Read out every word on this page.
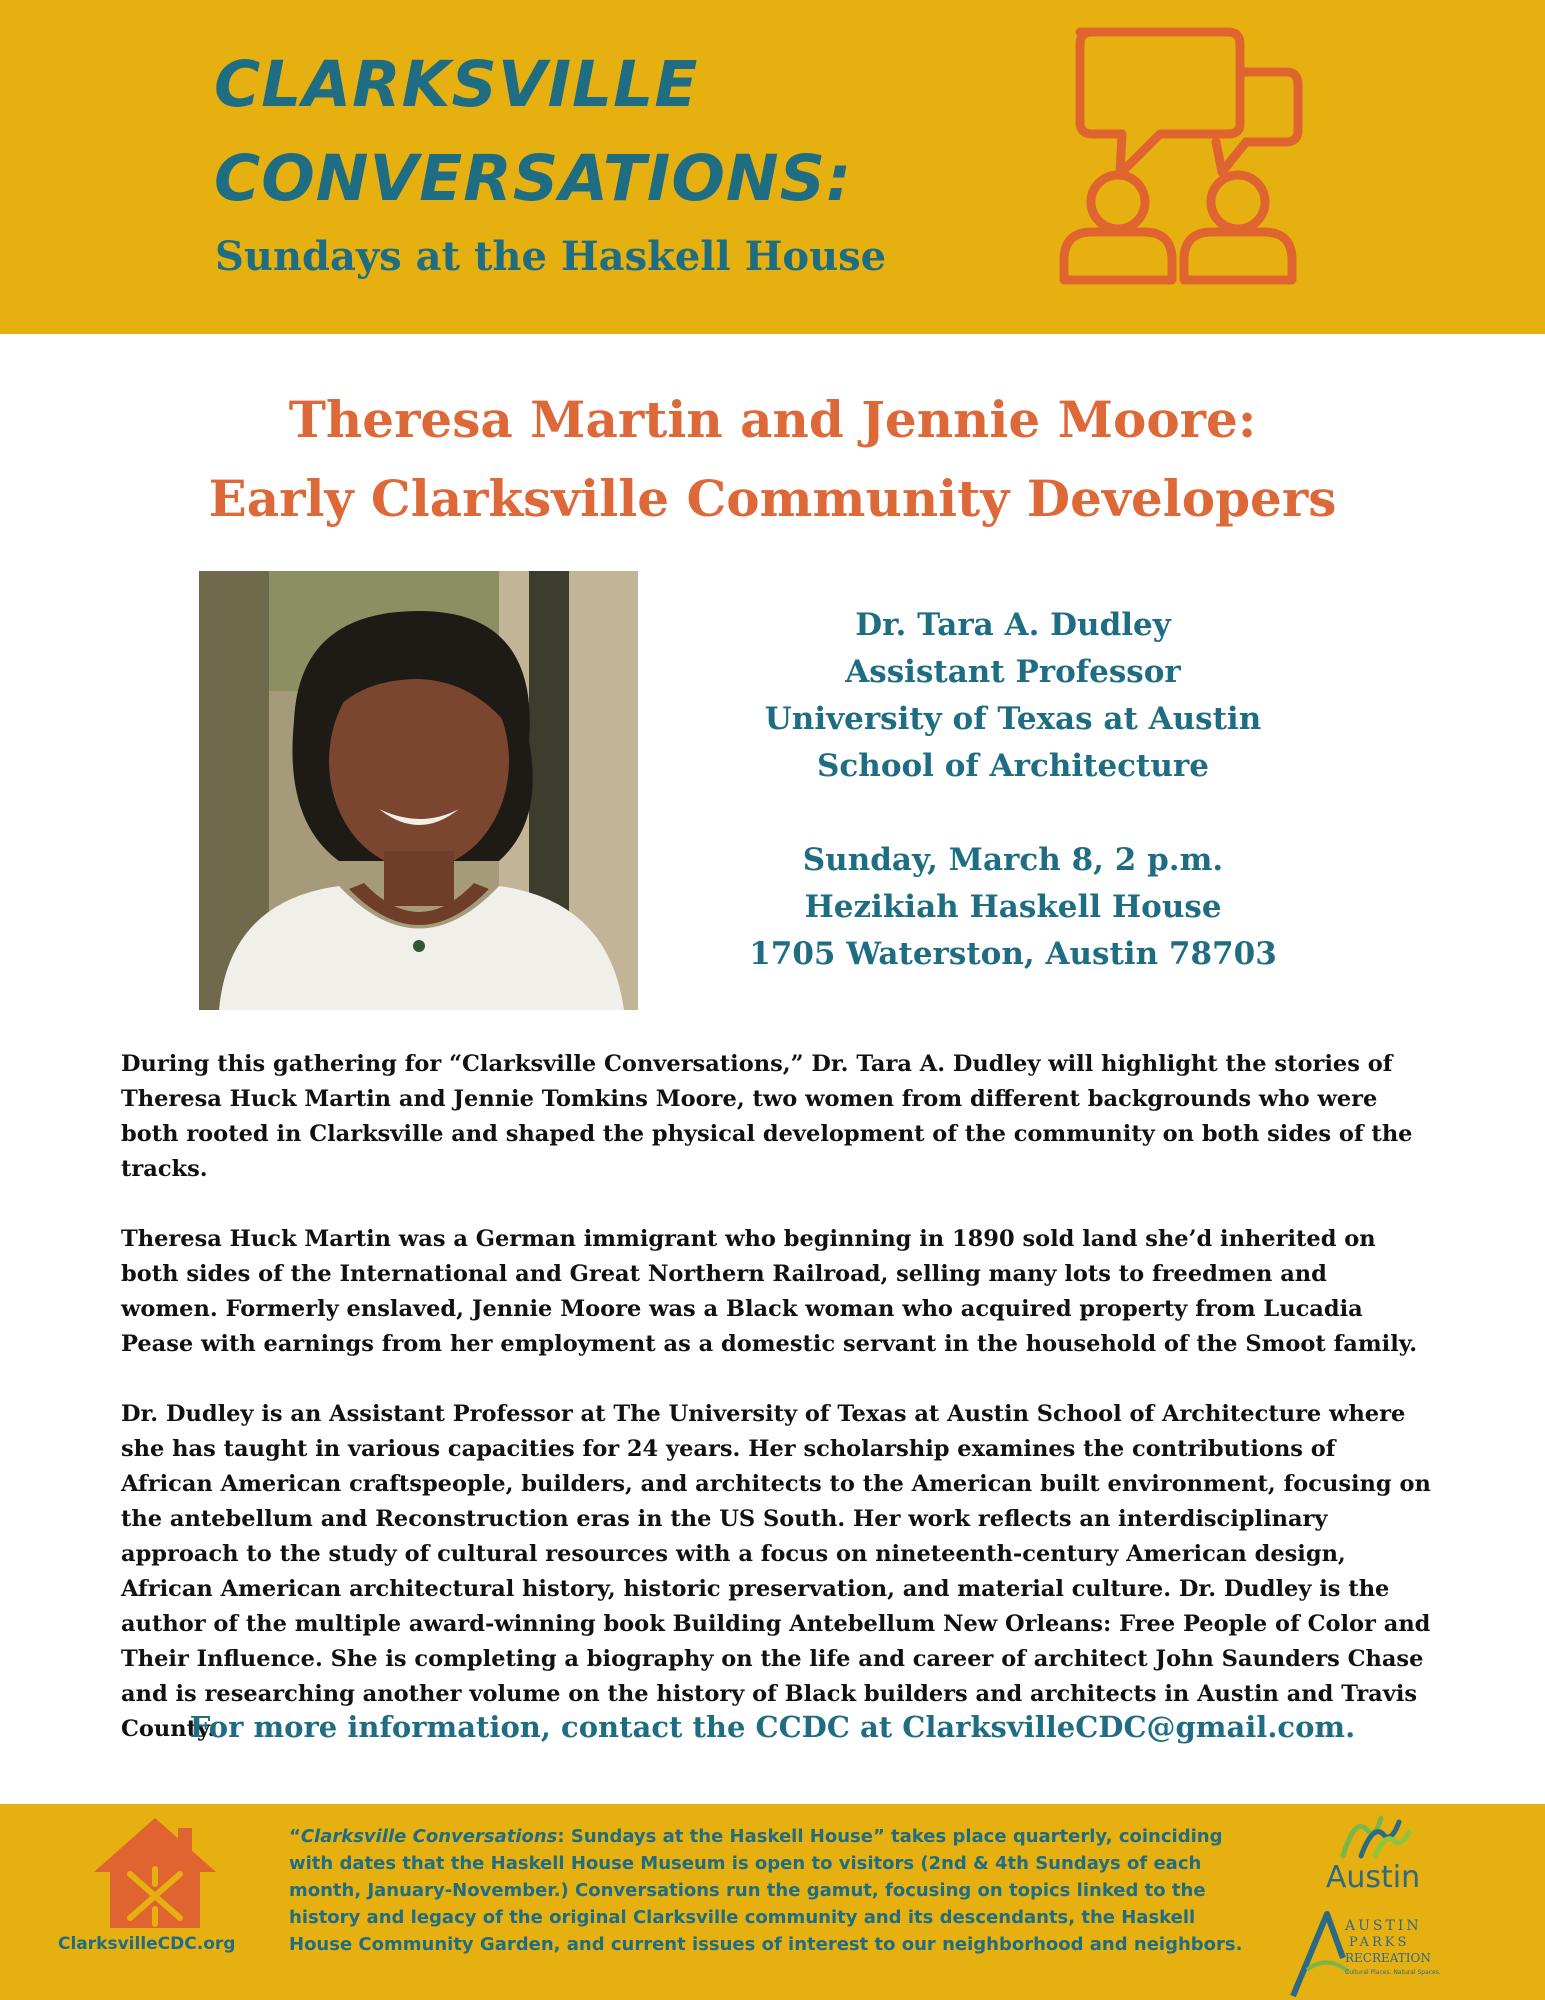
CLARKSVILLE
CONVERSATIONS:
Sundays at the Haskell House
Theresa Martin and Jennie Moore:
Early Clarksville Community Developers
Dr. Tara A. Dudley
Assistant Professor
University of Texas at Austin
School of Architecture
Sunday, March 8, 2 p.m.
Hezikiah Haskell House
1705 Waterston, Austin 78703

During this gathering for “Clarksville Conversations,” Dr. Tara A. Dudley will highlight the stories of Theresa Huck Martin and Jennie Tomkins Moore, two women from different backgrounds who were both rooted in Clarksville and shaped the physical development of the community on both sides of the tracks.

Theresa Huck Martin was a German immigrant who beginning in 1890 sold land she’d inherited on both sides of the International and Great Northern Railroad, selling many lots to freedmen and women. Formerly enslaved, Jennie Moore was a Black woman who acquired property from Lucadia Pease with earnings from her employment as a domestic servant in the household of the Smoot family.

Dr. Dudley is an Assistant Professor at The University of Texas at Austin School of Architecture where she has taught in various capacities for 24 years. Her scholarship examines the contributions of African American craftspeople, builders, and architects to the American built environment, focusing on the antebellum and Reconstruction eras in the US South. Her work reflects an interdisciplinary approach to the study of cultural resources with a focus on nineteenth-century American design, African American architectural history, historic preservation, and material culture. Dr. Dudley is the author of the multiple award-winning book Building Antebellum New Orleans: Free People of Color and Their Influence. She is completing a biography on the life and career of architect John Saunders Chase and is researching another volume on the history of Black builders and architects in Austin and Travis County.

For more information, contact the CCDC at ClarksvilleCDC@gmail.com.
ClarksvilleCDC.org
“Clarksville Conversations: Sundays at the Haskell House” takes place quarterly, coinciding with dates that the Haskell House Museum is open to visitors (2nd & 4th Sundays of each month, January-November.) Conversations run the gamut, focusing on topics linked to the history and legacy of the original Clarksville community and its descendants, the Haskell House Community Garden, and current issues of interest to our neighborhood and neighbors.
Austin
AUSTIN
PARKS
RECREATION
Cultural Places. Natural Spaces.
